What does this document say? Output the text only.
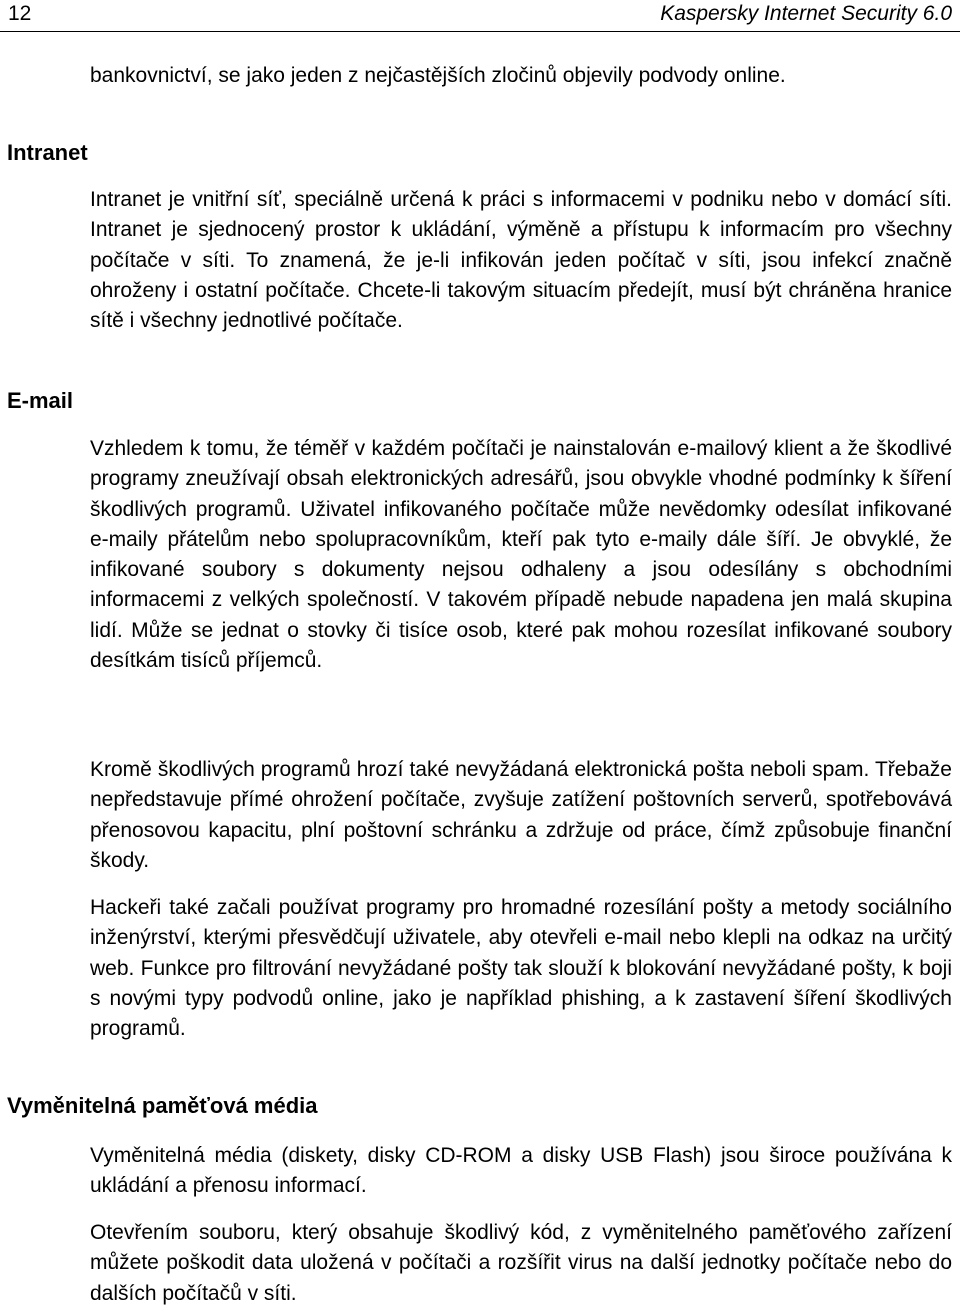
12	Kaspersky Internet Security 6.0

bankovnictví, se jako jeden z nejčastějších zločinů objevily podvody online.

Intranet

Intranet je vnitřní síť, speciálně určená k práci s informacemi v podniku nebo v domácí síti. Intranet je sjednocený prostor k ukládání, výměně a přístupu k informacím pro všechny počítače v síti. To znamená, že je-li infikován jeden počítač v síti, jsou infekcí značně ohroženy i ostatní počítače. Chcete-li takovým situacím předejít, musí být chráněna hranice sítě i všechny jednotlivé počítače.

E-mail

Vzhledem k tomu, že téměř v každém počítači je nainstalován e-mailový klient a že škodlivé programy zneužívají obsah elektronických adresářů, jsou obvykle vhodné podmínky k šíření škodlivých programů. Uživatel infikovaného počítače může nevědomky odesílat infikované e-maily přátelům nebo spolupracovníkům, kteří pak tyto e-maily dále šíří. Je obvyklé, že infikované soubory s dokumenty nejsou odhaleny a jsou odesílány s obchodními informacemi z velkých společností. V takovém případě nebude napadena jen malá skupina lidí. Může se jednat o stovky či tisíce osob, které pak mohou rozesílat infikované soubory desítkám tisíců příjemců.

Kromě škodlivých programů hrozí také nevyžádaná elektronická pošta neboli spam. Třebaže nepředstavuje přímé ohrožení počítače, zvyšuje zatížení poštovních serverů, spotřebovává přenosovou kapacitu, plní poštovní schránku a zdržuje od práce, čímž způsobuje finanční škody.

Hackeři také začali používat programy pro hromadné rozesílání pošty a metody sociálního inženýrství, kterými přesvědčují uživatele, aby otevřeli e-mail nebo klepli na odkaz na určitý web. Funkce pro filtrování nevyžádané pošty tak slouží k blokování nevyžádané pošty, k boji s novými typy podvodů online, jako je například phishing, a k zastavení šíření škodlivých programů.

Vyměnitelná paměťová média

Vyměnitelná média (diskety, disky CD-ROM a disky USB Flash) jsou široce používána k ukládání a přenosu informací.

Otevřením souboru, který obsahuje škodlivý kód, z vyměnitelného paměťového zařízení můžete poškodit data uložená v počítači a rozšířit virus na další jednotky počítače nebo do dalších počítačů v síti.
